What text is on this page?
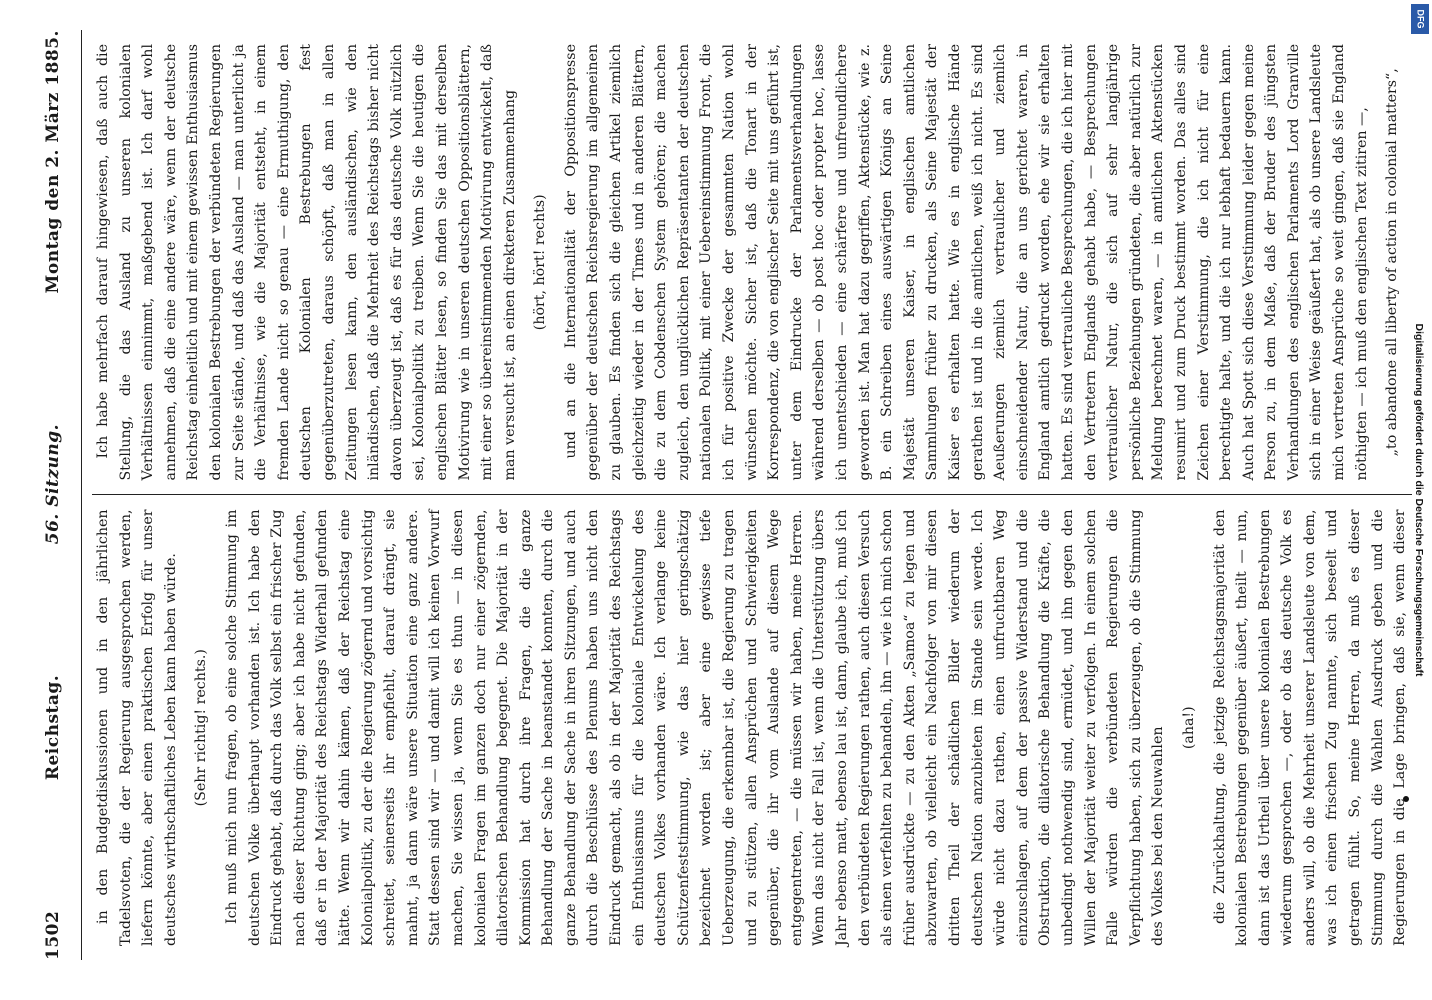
DFG
Digitalisierung gefördert durch die Deutsche Forschungsgemeinschaft
1502
Reichstag.
56. Sitzung.
Montag den 2. März 1885.

in den Budgetdiskussionen und in den jährlichen Tadelsvoten, die der Regierung ausgesprochen werden, liefern könnte, aber einen praktischen Erfolg für unser deutsches wirthschaftliches Leben kann haben würde. (Sehr richtig! rechts.) Ich muß mich nun fragen, ob eine solche Stimmung im deutschen Volke überhaupt vorhanden ist. Ich habe den Eindruck gehabt, daß durch das Volk selbst ein frischer Zug nach dieser Richtung ging; aber ich habe nicht gefunden, daß er in der Majorität des Reichstags Widerhall gefunden hätte. Wenn wir dahin kämen, daß der Reichstag eine Kolonialpolitik, zu der die Regierung zögernd und vorsichtig schreitet, seinerseits ihr empfiehlt, darauf drängt, sie mahnt, ja dann wäre unsere Situation eine ganz andere. Statt dessen sind wir — und damit will ich keinen Vorwurf machen, Sie wissen ja, wenn Sie es thun — in diesen kolonialen Fragen im ganzen doch nur einer zögernden, dilatorischen Behandlung begegnet. Die Majorität in der Kommission hat durch ihre Fragen, die die ganze Behandlung der Sache in beanstandet konnten, durch die ganze Behandlung der Sache in ihren Sitzungen, und auch durch die Beschlüsse des Plenums haben uns nicht den Eindruck gemacht, als ob in der Majorität des Reichstags ein Enthusiasmus für die koloniale Entwickelung des deutschen Volkes vorhanden wäre. Ich verlange keine Schützenfeststimmung, wie das hier geringschätzig bezeichnet worden ist; aber eine gewisse tiefe Ueberzeugung, die erkennbar ist, die Regierung zu tragen und zu stützen, allen Ansprüchen und Schwierigkeiten gegenüber, die ihr vom Auslande auf diesem Wege entgegentreten, — die müssen wir haben, meine Herren. Wenn das nicht der Fall ist, wenn die Unterstützung übers Jahr ebenso matt, ebenso lau ist, dann, glaube ich, muß ich den verbündeten Regierungen rathen, auch diesen Versuch als einen verfehlten zu behandeln, ihn — wie ich mich schon früher ausdrückte — zu den Akten „Samoa“ zu legen und abzuwarten, ob vielleicht ein Nachfolger von mir diesen dritten Theil der schädlichen Bilder wiederum der deutschen Nation anzubieten im Stande sein werde. Ich würde nicht dazu rathen, einen unfruchtbaren Weg einzuschlagen, auf dem der passive Widerstand und die Obstruktion, die dilatorische Behandlung die Kräfte, die unbedingt nothwendig sind, ermüdet, und ihn gegen den Willen der Majorität weiter zu verfolgen. In einem solchen Falle würden die verbündeten Regierungen die Verpflichtung haben, sich zu überzeugen, ob die Stimmung des Volkes bei den Neuwahlen (aha!)

die Zurückhaltung, die jetzige Reichstagsmajorität den kolonialen Bestrebungen gegenüber äußert, theilt — nun, dann ist das Urtheil über unsere kolonialen Bestrebungen wiederum gesprochen —, oder ob das deutsche Volk es anders will, ob die Mehrheit unserer Landsleute von dem, was ich einen frischen Zug nannte, sich beseelt und getragen fühlt. So, meine Herren, da muß es dieser Stimmung durch die Wahlen Ausdruck geben und die Regierungen in die Lage bringen, daß sie, wenn dieser

Ich habe mehrfach darauf hingewiesen, daß auch die Stellung, die das Ausland zu unseren kolonialen Verhältnissen einnimmt, maßgebend ist. Ich darf wohl annehmen, daß die eine andere wäre, wenn der deutsche Reichstag einheitlich und mit einem gewissen Enthusiasmus den kolonialen Bestrebungen der verbündeten Regierungen zur Seite stände, und daß das Ausland — man unterlicht ja die Verhältnisse, wie die Majorität entsteht, in einem fremden Lande nicht so genau — eine Ermuthigung, den deutschen Kolonialen Bestrebungen fest gegenüberzutreten, daraus schöpft, daß man in allen Zeitungen lesen kann, den ausländischen, wie den inländischen, daß die Mehrheit des Reichstags bisher nicht davon überzeugt ist, daß es für das deutsche Volk nützlich sei, Kolonialpolitik zu treiben. Wenn Sie die heutigen die englischen Blätter lesen, so finden Sie das mit derselben Motivirung wie in unseren deutschen Oppositionsblättern, mit einer so übereinstimmenden Motivirung entwickelt, daß man versucht ist, an einen direkteren Zusammenhang (hört, hört! rechts) und an die Internationalität der Oppositionspresse gegenüber der deutschen Reichsregierung im allgemeinen zu glauben. Es finden sich die gleichen Artikel ziemlich gleichzeitig wieder in der Times und in anderen Blättern, die zu dem Cobdenschen System gehören; die machen zugleich, den unglücklichen Repräsentanten der deutschen nationalen Politik, mit einer Uebereinstimmung Front, die ich für positive Zwecke der gesammten Nation wohl wünschen möchte. Sicher ist, daß die Tonart in der Korrespondenz, die von englischer Seite mit uns geführt ist, unter dem Eindrucke der Parlamentsverhandlungen während derselben — ob post hoc oder propter hoc, lasse ich unentschieden — eine schärfere und unfreundlichere geworden ist. Man hat dazu gegriffen, Aktenstücke, wie z. B. ein Schreiben eines auswärtigen Königs an Seine Majestät unseren Kaiser, in englischen amtlichen Sammlungen früher zu drucken, als Seine Majestät der Kaiser es erhalten hatte. Wie es in englische Hände gerathen ist und in die amtlichen, weiß ich nicht. Es sind Aeußerungen ziemlich vertraulicher und ziemlich einschneidender Natur, die an uns gerichtet waren, in England amtlich gedruckt worden, ehe wir sie erhalten hatten. Es sind vertrauliche Besprechungen, die ich hier mit den Vertretern Englands gehabt habe, — Besprechungen vertraulicher Natur, die sich auf sehr langjährige persönliche Beziehungen gründeten, die aber natürlich zur Meldung berechnet waren, — in amtlichen Aktenstücken resumirt und zum Druck bestimmt worden. Das alles sind Zeichen einer Verstimmung, die ich nicht für eine berechtigte halte, und die ich nur lebhaft bedauern kann. Auch hat Spott sich diese Verstimmung leider gegen meine Person zu, in dem Maße, daß der Bruder des jüngsten Verhandlungen des englischen Parlaments Lord Granville sich in einer Weise geäußert hat, als ob unsere Landsleute mich vertreten Ansprüche so weit gingen, daß sie England nöthigten — ich muß den englischen Text zitiren —, „to abandone all liberty of action in colonial matters“,
